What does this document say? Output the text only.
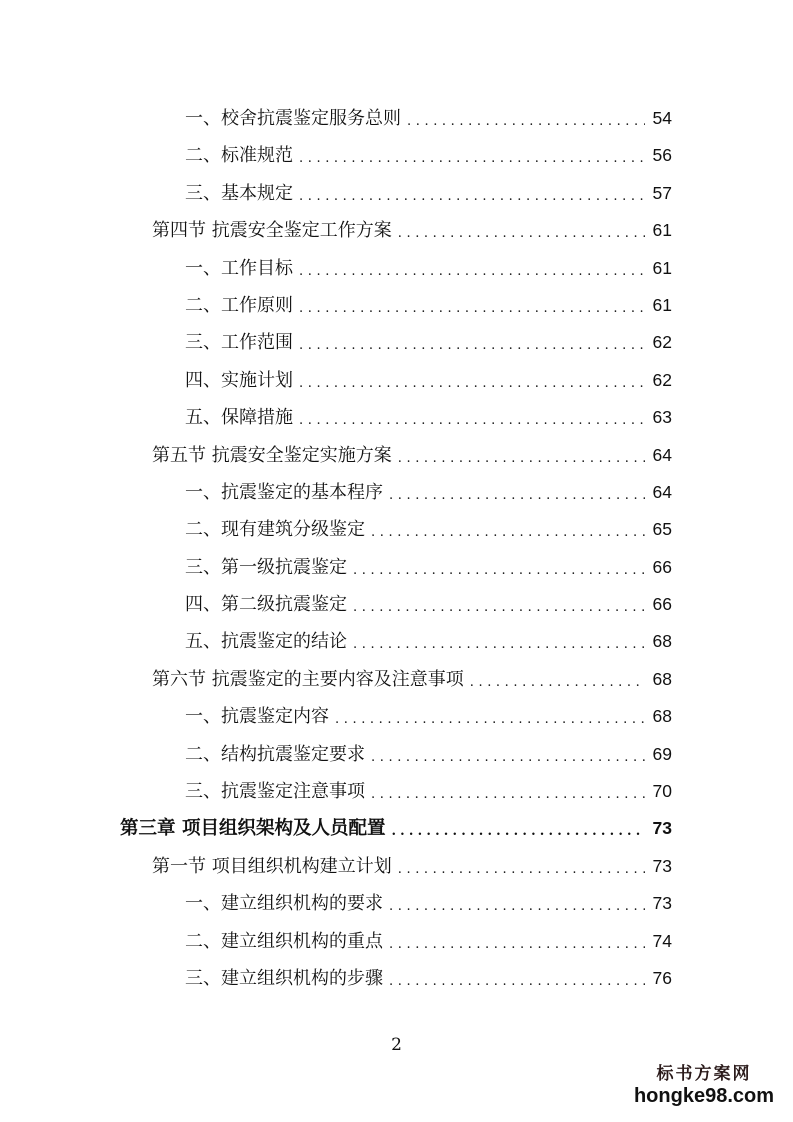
一、校舍抗震鉴定服务总则 .....	54
二、标准规范 .....	56
三、基本规定 .....	57
第四节 抗震安全鉴定工作方案 .....	61
一、工作目标 .....	61
二、工作原则 .....	61
三、工作范围 .....	62
四、实施计划 .....	62
五、保障措施 .....	63
第五节 抗震安全鉴定实施方案 .....	64
一、抗震鉴定的基本程序 .....	64
二、现有建筑分级鉴定 .....	65
三、第一级抗震鉴定 .....	66
四、第二级抗震鉴定 .....	66
五、抗震鉴定的结论 .....	68
第六节 抗震鉴定的主要内容及注意事项 .....	68
一、抗震鉴定内容 .....	68
二、结构抗震鉴定要求 .....	69
三、抗震鉴定注意事项 .....	70
第三章 项目组织架构及人员配置 .....	73
第一节 项目组织机构建立计划 .....	73
一、建立组织机构的要求 .....	73
二、建立组织机构的重点 .....	74
三、建立组织机构的步骤 .....	76
2
标书方案网
hongke98.com
